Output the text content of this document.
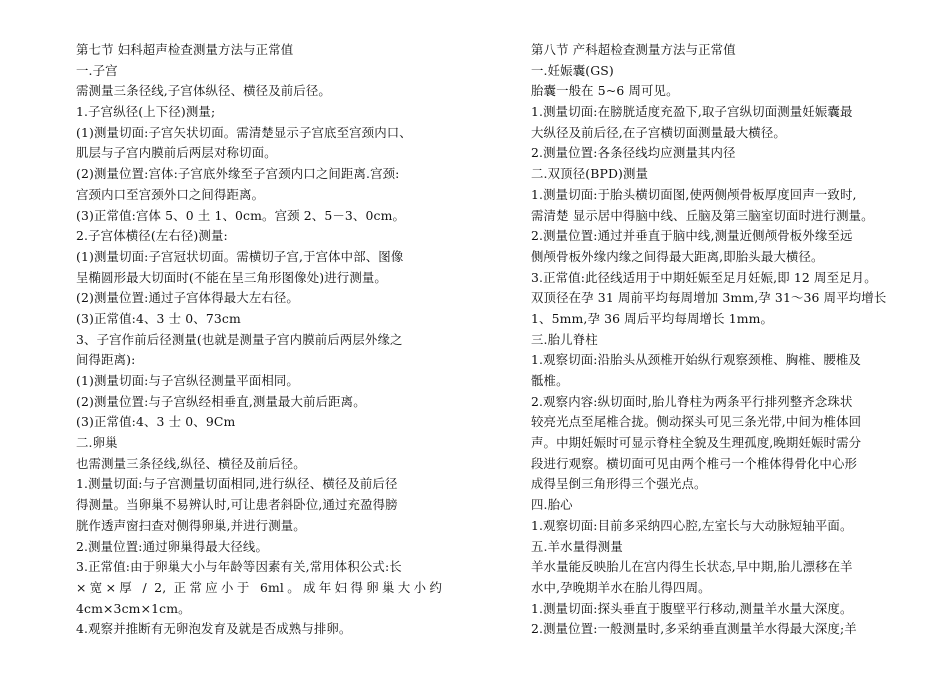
第七节 妇科超声检查测量方法与正常值
一.子宫
需测量三条径线,子宫体纵径、横径及前后径。
1.子宫纵径(上下径)测量;
(1)测量切面:子宫矢状切面。需清楚显示子宫底至宫颈内口、
肌层与子宫内膜前后两层对称切面。
(2)测量位置:宫体:子宫底外缘至子宫颈内口之间距离.宫颈:
宫颈内口至宫颈外口之间得距离。
(3)正常值:宫体 5、0 土 1、0cm。宫颈 2、5－3、0cm。
2.子宫体横径(左右径)测量:
(1)测量切面:子宫冠状切面。需横切子宫,于宫体中部、图像
呈椭圆形最大切面时(不能在呈三角形图像处)进行测量。
(2)测量位置:通过子宫体得最大左右径。
(3)正常值:4、3 士 0、73cm
3、子宫作前后径测量(也就是测量子宫内膜前后两层外缘之
间得距离):
(1)测量切面:与子宫纵径测量平面相同。
(2)测量位置:与子宫纵经相垂直,测量最大前后距离。
(3)正常值:4、3 士 0、9Cm
二.卵巢
也需测量三条径线,纵径、横径及前后径。
1.测量切面:与子宫测量切面相同,进行纵径、横径及前后径
得测量。当卵巢不易辨认时,可让患者斜卧位,通过充盈得膀
胱作透声窗扫查对侧得卵巢,并进行测量。
2.测量位置:通过卵巢得最大径线。
3.正常值:由于卵巢大小与年龄等因素有关,常用体积公式:长
×宽×厚 / 2, 正常应小于 6ml。成年妇得卵巢大小约
4cm×3cm×1cm。
4.观察并推断有无卵泡发育及就是否成熟与排卵。
第八节 产科超检查测量方法与正常值
一.妊娠囊(GS)
胎囊一般在 5~6 周可见。
1.测量切面:在膀胱适度充盈下,取子宫纵切面测量妊娠囊最
大纵径及前后径,在子宫横切面测量最大横径。
2.测量位置:各条径线均应测量其内径
二.双顶径(BPD)测量
1.测量切面:于胎头横切面图,使两侧颅骨板厚度回声一致时,
需清楚 显示居中得脑中线、丘脑及第三脑室切面时进行测量。
2.测量位置:通过并垂直于脑中线,测量近侧颅骨板外缘至远
侧颅骨板外缘内缘之间得最大距离,即胎头最大横径。
3.正常值:此径线适用于中期妊娠至足月妊娠,即 12 周至足月。
双顶径在孕 31 周前平均每周增加 3mm,孕 31～36 周平均增长
1、5mm,孕 36 周后平均每周增长 1mm。
三.胎儿脊柱
1.观察切面:沿胎头从颈椎开始纵行观察颈椎、胸椎、腰椎及
骶椎。
2.观察内容:纵切面时,胎儿脊柱为两条平行排列整齐念珠状
较亮光点至尾椎合拢。侧动探头可见三条光带,中间为椎体回
声。中期妊娠时可显示脊柱全貌及生理孤度,晚期妊娠时需分
段进行观察。横切面可见由两个椎弓一个椎体得骨化中心形
成得呈倒三角形得三个强光点。
四.胎心
1.观察切面:目前多采纳四心腔,左室长与大动脉短轴平面。
五.羊水量得测量
羊水量能反映胎儿在宫内得生长状态,早中期,胎儿漂移在羊
水中,孕晚期羊水在胎儿得四周。
1.测量切面:探头垂直于腹壁平行移动,测量羊水量大深度。
2.测量位置:一般测量时,多采纳垂直测量羊水得最大深度;羊
